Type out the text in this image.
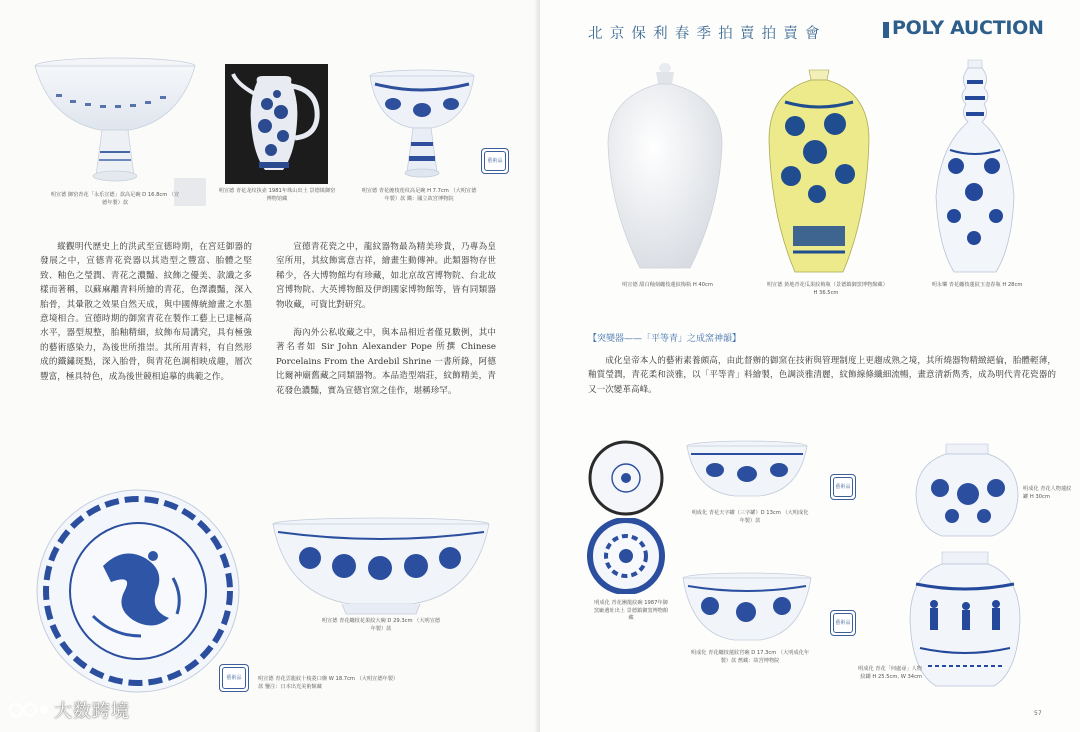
藝術品
明宣德 御窑青花「永乐宣德」款高足碗 D 16.8cm （宣德年製）款
明宣德 青花龙纹执壶 1981年珠山出土 景德镇御窑博物馆藏
明宣德 青花缠枝莲纹高足碗 H 7.7cm （大明宣德年製）款 鐫：國立故宮博物院

縱觀明代歷史上的洪武至宣德時期，在宮廷御器的發展之中，宣德青花瓷器以其造型之豐富、胎體之堅致、釉色之瑩潤、青花之濃豔、紋飾之優美、款識之多樣而著稱，以蘇麻離青料所繪的青花，色澤濃豔，深入胎骨，其暈散之效果自然天成，與中國傳統繪畫之水墨意境相合。宣德時期的御窯青花在製作工藝上已達極高水平，器型規整，胎釉精細，紋飾布局講究，具有極強的藝術感染力，為後世所推崇。其所用青料，有自然形成的鐵鏽斑點，深入胎骨，與青花色調相映成趣，層次豐富，極具特色，成為後世競相追摹的典範之作。

宣德青花瓷之中，龍紋器物最為精美珍貴，乃專為皇室所用，其紋飾寓意吉祥，繪畫生動傳神。此類器物存世稀少，各大博物館均有珍藏，如北京故宮博物院、台北故宮博物院、大英博物館及伊朗國家博物館等，皆有同類器物收藏，可資比對研究。

海內外公私收藏之中，與本品相近者僅見數例，其中著名者如 Sir John Alexander Pope 所撰 Chinese Porcelains From the Ardebil Shrine 一書所錄，阿德比爾神廟舊藏之同類器物。本品造型端莊，紋飾精美，青花發色濃豔，實為宣德官窯之佳作，堪稱珍罕。

明宣德 青花纏枝花果紋大碗 D 29.3cm （大明宣德年製）款
明宣德 青花雲龍紋十棱菱口盤 W 18.7cm （大明宣德年製）款 鑒注：日本出光美術館藏
藝術品
大数跨境
北京保利春季拍賣拍賣會	POLY AUCTION
明宣德 甜白釉刻纏枝蓮紋梅瓶 H 40cm	明宣德 黃地青花瓜果紋梅瓶（景德鎮御窯博物館藏）H 36.5cm
明永樂 青花纏枝蓮紋玉壺春瓶 H 28cm
【突變器——「平等青」之成窯神韻】

成化皇帝本人的藝術素養頗高，由此督辦的御窯在技術與管理制度上更趨成熟之境，其所燒器物精緻絕倫，胎體輕薄，釉質瑩潤，青花柔和淡雅，以「平等青」料繪製，色調淡雅清麗，紋飾線條纖細流暢，畫意清新雋秀，成為明代青花瓷器的又一次變革高峰。

藝術品
明成化 青花天字罐（三字罐）D 13cm （大明成化年製）款
明成化 青花人物蓮紋罐 H 30cm
明成化 青花團龍紋碗 1987年御窯廠遺址出土 景德鎮御窯博物館藏
藝術品
明成化 青花纏枝蓮紋宮碗 D 17.3cm （大明成化年製）款 舊藏：故宮博物院
明成化 青花「何處尋」人物紋罐 H 25.5cm, W 34cm
57
